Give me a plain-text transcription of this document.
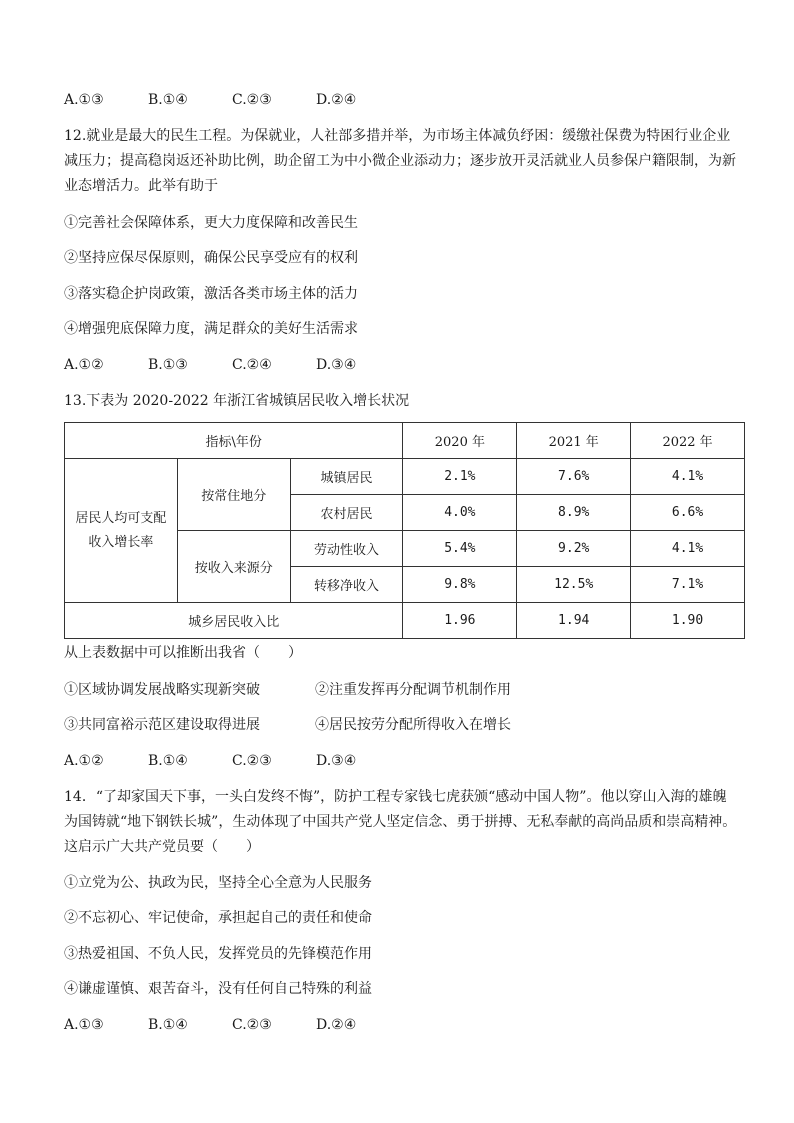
A.①③	B.①④	C.②③	D.②④
12.就业是最大的民生工程。为保就业，人社部多措并举，为市场主体减负纾困：缓缴社保费为特困行业企业
减压力；提高稳岗返还补助比例，助企留工为中小微企业添动力；逐步放开灵活就业人员参保户籍限制，为新
业态增活力。此举有助于
①完善社会保障体系，更大力度保障和改善民生
②坚持应保尽保原则，确保公民享受应有的权利
③落实稳企护岗政策，激活各类市场主体的活力
④增强兜底保障力度，满足群众的美好生活需求
A.①②	B.①③	C.②④	D.③④
13.下表为 2020-2022 年浙江省城镇居民收入增长状况
指标\年份			2020 年	2021 年	2022 年

居民人均可支配
收入增长率	按常住地分	城镇居民	2.1%	7.6%	4.1%
		农村居民	4.0%	8.9%	6.6%
	按收入来源分	劳动性收入	5.4%	9.2%	4.1%
		转移净收入	9.8%	12.5%	7.1%
城乡居民收入比			1.96	1.94	1.90
从上表数据中可以推断出我省（　　）
①区域协调发展战略实现新突破	②注重发挥再分配调节机制作用
③共同富裕示范区建设取得进展	④居民按劳分配所得收入在增长
A.①②	B.①④	C.②③	D.③④
14．“了却家国天下事，一头白发终不悔”，防护工程专家钱七虎获颁“感动中国人物”。他以穿山入海的雄魄
为国铸就“地下钢铁长城”，生动体现了中国共产党人坚定信念、勇于拼搏、无私奉献的高尚品质和崇高精神。
这启示广大共产党员要（　　）
①立党为公、执政为民，坚持全心全意为人民服务
②不忘初心、牢记使命，承担起自己的责任和使命
③热爱祖国、不负人民，发挥党员的先锋模范作用
④谦虚谨慎、艰苦奋斗，没有任何自己特殊的利益
A.①③	B.①④	C.②③	D.②④
